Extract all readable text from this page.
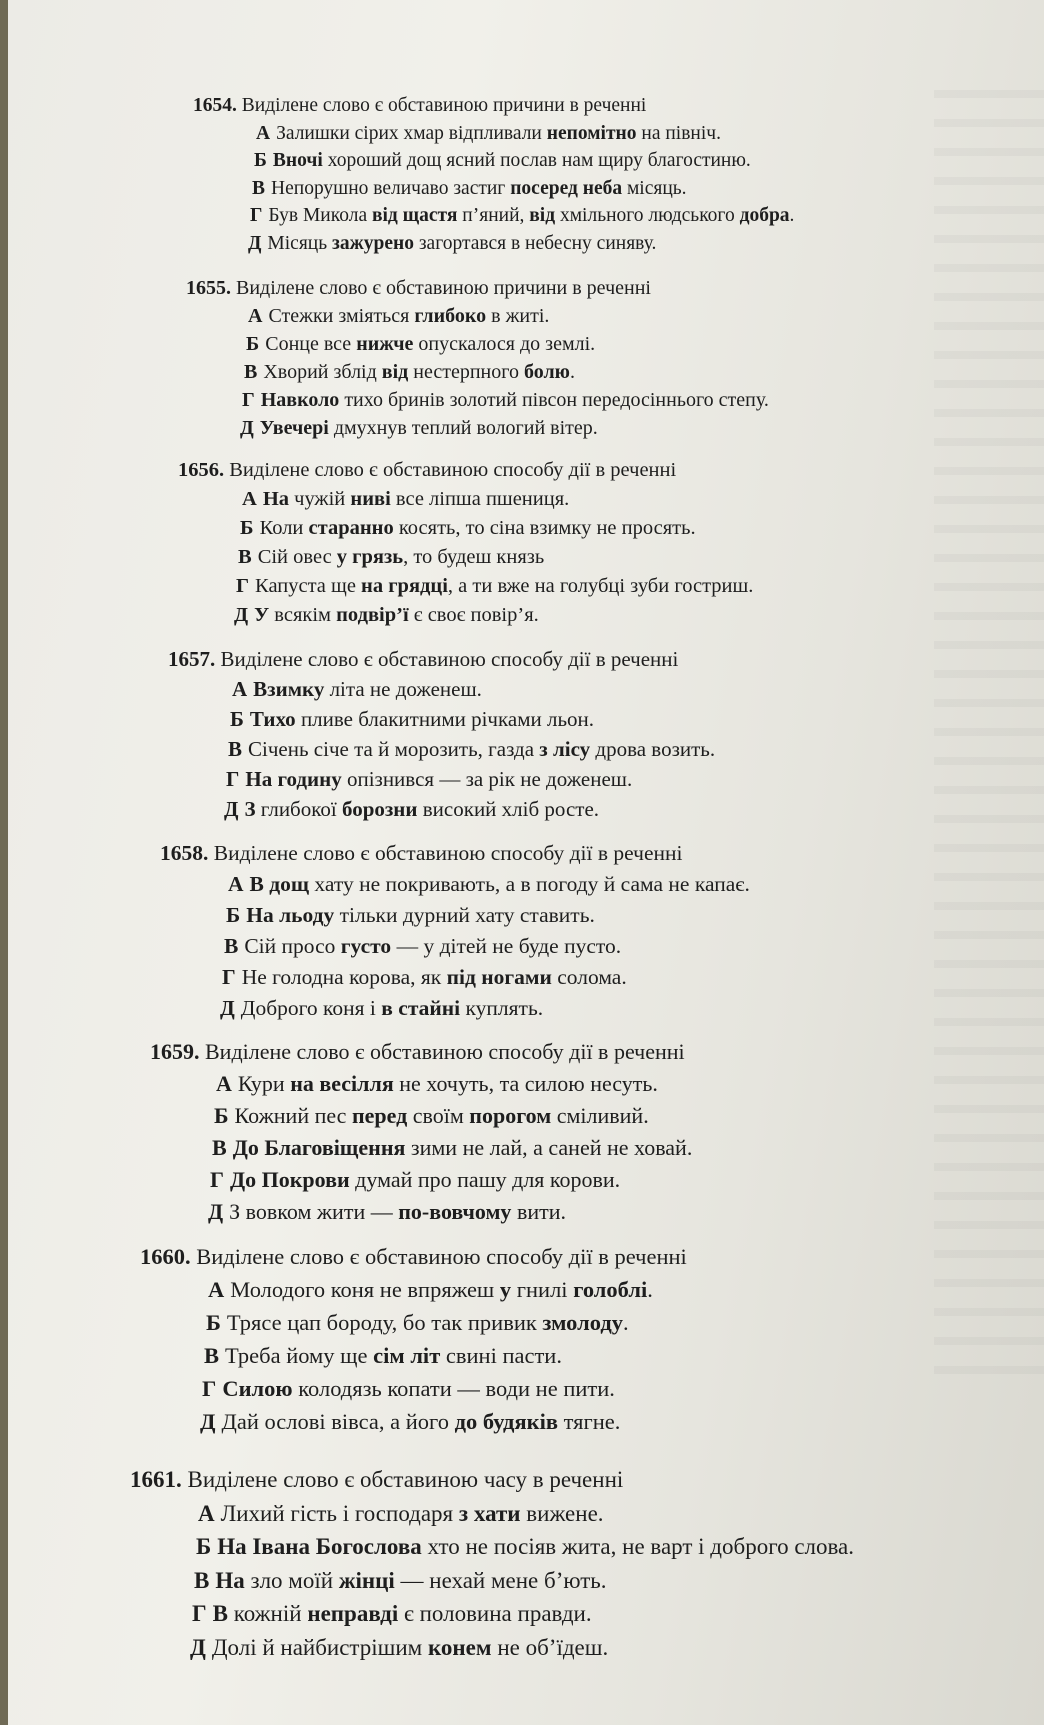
1654. Виділене слово є обставиною причини в реченні
А Залишки сірих хмар відпливали непомітно на північ.
Б Вночі хороший дощ ясний послав нам щиру благостиню.
В Непорушно величаво застиг посеред неба місяць.
Г Був Микола від щастя п’яний, від хмільного людського добра.
Д Місяць зажурено загортався в небесну синяву.
1655. Виділене слово є обставиною причини в реченні
А Стежки зміяться глибоко в житі.
Б Сонце все нижче опускалося до землі.
В Хворий зблід від нестерпного болю.
Г Навколо тихо бринів золотий півсон передосіннього степу.
Д Увечері дмухнув теплий вологий вітер.
1656. Виділене слово є обставиною способу дії в реченні
А На чужій ниві все ліпша пшениця.
Б Коли старанно косять, то сіна взимку не просять.
В Сій овес у грязь, то будеш князь
Г Капуста ще на грядці, а ти вже на голубці зуби гостриш.
Д У всякім подвір’ї є своє повір’я.
1657. Виділене слово є обставиною способу дії в реченні
А Взимку літа не доженеш.
Б Тихо пливе блакитними річками льон.
В Січень січе та й морозить, газда з лісу дрова возить.
Г На годину опізнився — за рік не доженеш.
Д З глибокої борозни високий хліб росте.
1658. Виділене слово є обставиною способу дії в реченні
А В дощ хату не покривають, а в погоду й сама не капає.
Б На льоду тільки дурний хату ставить.
В Сій просо густо — у дітей не буде пусто.
Г Не голодна корова, як під ногами солома.
Д Доброго коня і в стайні куплять.
1659. Виділене слово є обставиною способу дії в реченні
А Кури на весілля не хочуть, та силою несуть.
Б Кожний пес перед своїм порогом сміливий.
В До Благовіщення зими не лай, а саней не ховай.
Г До Покрови думай про пашу для корови.
Д З вовком жити — по-вовчому вити.
1660. Виділене слово є обставиною способу дії в реченні
А Молодого коня не впряжеш у гнилі голоблі.
Б Трясе цап бороду, бо так привик змолоду.
В Треба йому ще сім літ свині пасти.
Г Силою колодязь копати — води не пити.
Д Дай ослові вівса, а його до будяків тягне.
1661. Виділене слово є обставиною часу в реченні
А Лихий гість і господаря з хати вижене.
Б На Івана Богослова хто не посіяв жита, не варт і доброго слова.
В На зло моїй жінці — нехай мене б’ють.
Г В кожній неправді є половина правди.
Д Долі й найбистрішим конем не об’їдеш.
